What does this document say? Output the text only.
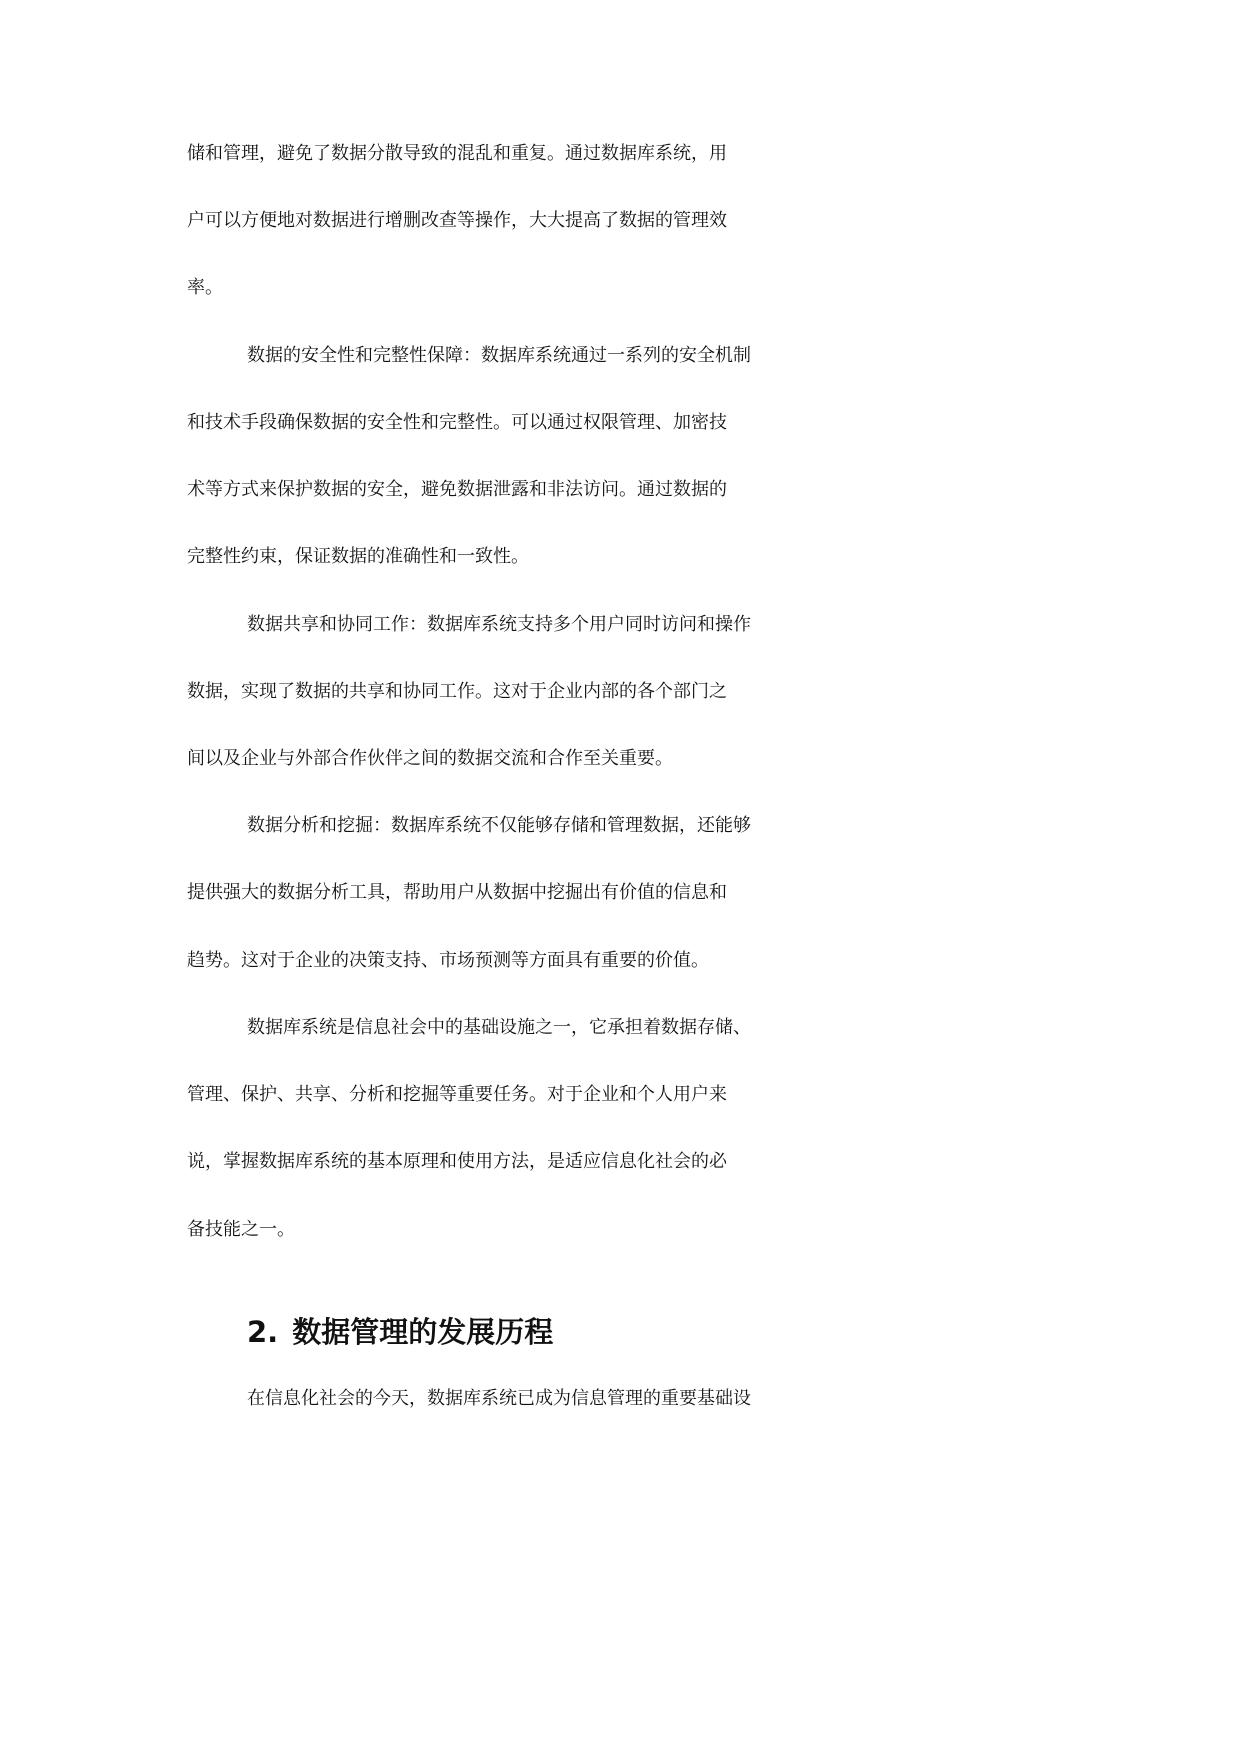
储和管理，避免了数据分散导致的混乱和重复。通过数据库系统，用
户可以方便地对数据进行增删改查等操作，大大提高了数据的管理效
率。
数据的安全性和完整性保障：数据库系统通过一系列的安全机制
和技术手段确保数据的安全性和完整性。可以通过权限管理、加密技
术等方式来保护数据的安全，避免数据泄露和非法访问。通过数据的
完整性约束，保证数据的准确性和一致性。
数据共享和协同工作：数据库系统支持多个用户同时访问和操作
数据，实现了数据的共享和协同工作。这对于企业内部的各个部门之
间以及企业与外部合作伙伴之间的数据交流和合作至关重要。
数据分析和挖掘：数据库系统不仅能够存储和管理数据，还能够
提供强大的数据分析工具，帮助用户从数据中挖掘出有价值的信息和
趋势。这对于企业的决策支持、市场预测等方面具有重要的价值。
数据库系统是信息社会中的基础设施之一，它承担着数据存储、
管理、保护、共享、分析和挖掘等重要任务。对于企业和个人用户来
说，掌握数据库系统的基本原理和使用方法，是适应信息化社会的必
备技能之一。
2. 数据管理的发展历程
在信息化社会的今天，数据库系统已成为信息管理的重要基础设
